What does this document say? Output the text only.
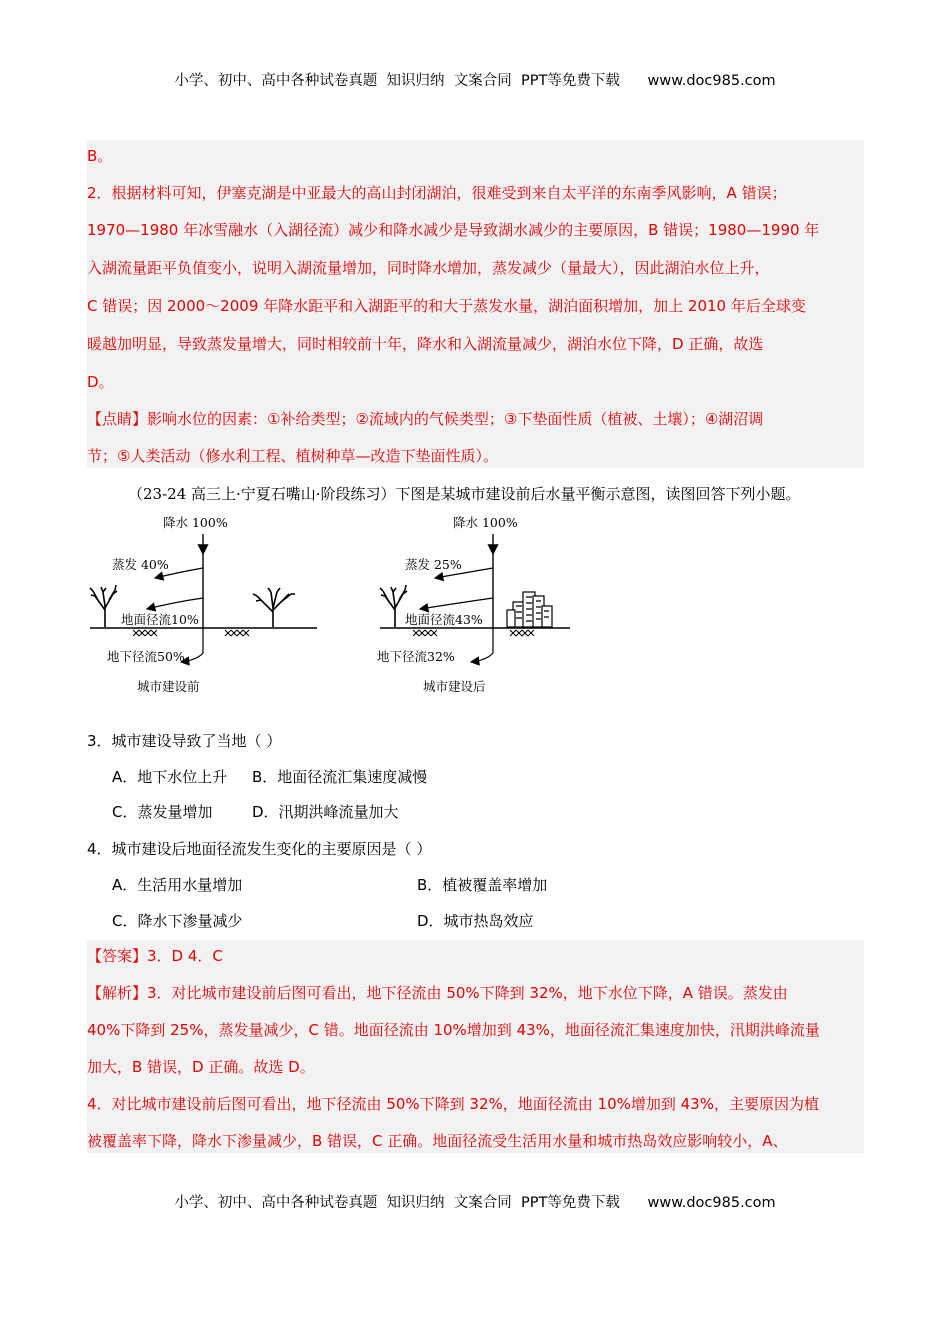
小学、初中、高中各种试卷真题  知识归纳  文案合同  PPT等免费下载      www.doc985.com
B。
2．根据材料可知，伊塞克湖是中亚最大的高山封闭湖泊，很难受到来自太平洋的东南季风影响，A 错误；
1970—1980 年冰雪融水（入湖径流）减少和降水减少是导致湖水减少的主要原因，B 错误；1980—1990 年
入湖流量距平负值变小，说明入湖流量增加，同时降水增加，蒸发减少（量最大），因此湖泊水位上升，
C 错误；因 2000～2009 年降水距平和入湖距平的和大于蒸发水量，湖泊面积增加，加上 2010 年后全球变
暖越加明显，导致蒸发量增大，同时相较前十年，降水和入湖流量减少，湖泊水位下降，D 正确，故选
D。
【点睛】影响水位的因素：①补给类型；②流域内的气候类型；③下垫面性质（植被、土壤）；④湖沼调
节；⑤人类活动（修水利工程、植树种草—改造下垫面性质）。
（23-24 高三上·宁夏石嘴山·阶段练习）下图是某城市建设前后水量平衡示意图，读图回答下列小题。
降水 100%
蒸发 40%
地面径流10%
地下径流50%
城市建设前
降水 100%
蒸发 25%
地面径流43%
地下径流32%
城市建设后
3．城市建设导致了当地（ ）
A．地下水位上升 B．地面径流汇集速度减慢
C．蒸发量增加	D．汛期洪峰流量加大
4．城市建设后地面径流发生变化的主要原因是（ ）
A．生活用水量增加	B．植被覆盖率增加
C．降水下渗量减少	D．城市热岛效应
【答案】3．D 4．C
【解析】3．对比城市建设前后图可看出，地下径流由 50%下降到 32%，地下水位下降，A 错误。蒸发由
40%下降到 25%，蒸发量减少，C 错。地面径流由 10%增加到 43%，地面径流汇集速度加快，汛期洪峰流量
加大，B 错误，D 正确。故选 D。
4．对比城市建设前后图可看出，地下径流由 50%下降到 32%，地面径流由 10%增加到 43%，主要原因为植
被覆盖率下降，降水下渗量减少，B 错误，C 正确。地面径流受生活用水量和城市热岛效应影响较小，A、
小学、初中、高中各种试卷真题  知识归纳  文案合同  PPT等免费下载      www.doc985.com
